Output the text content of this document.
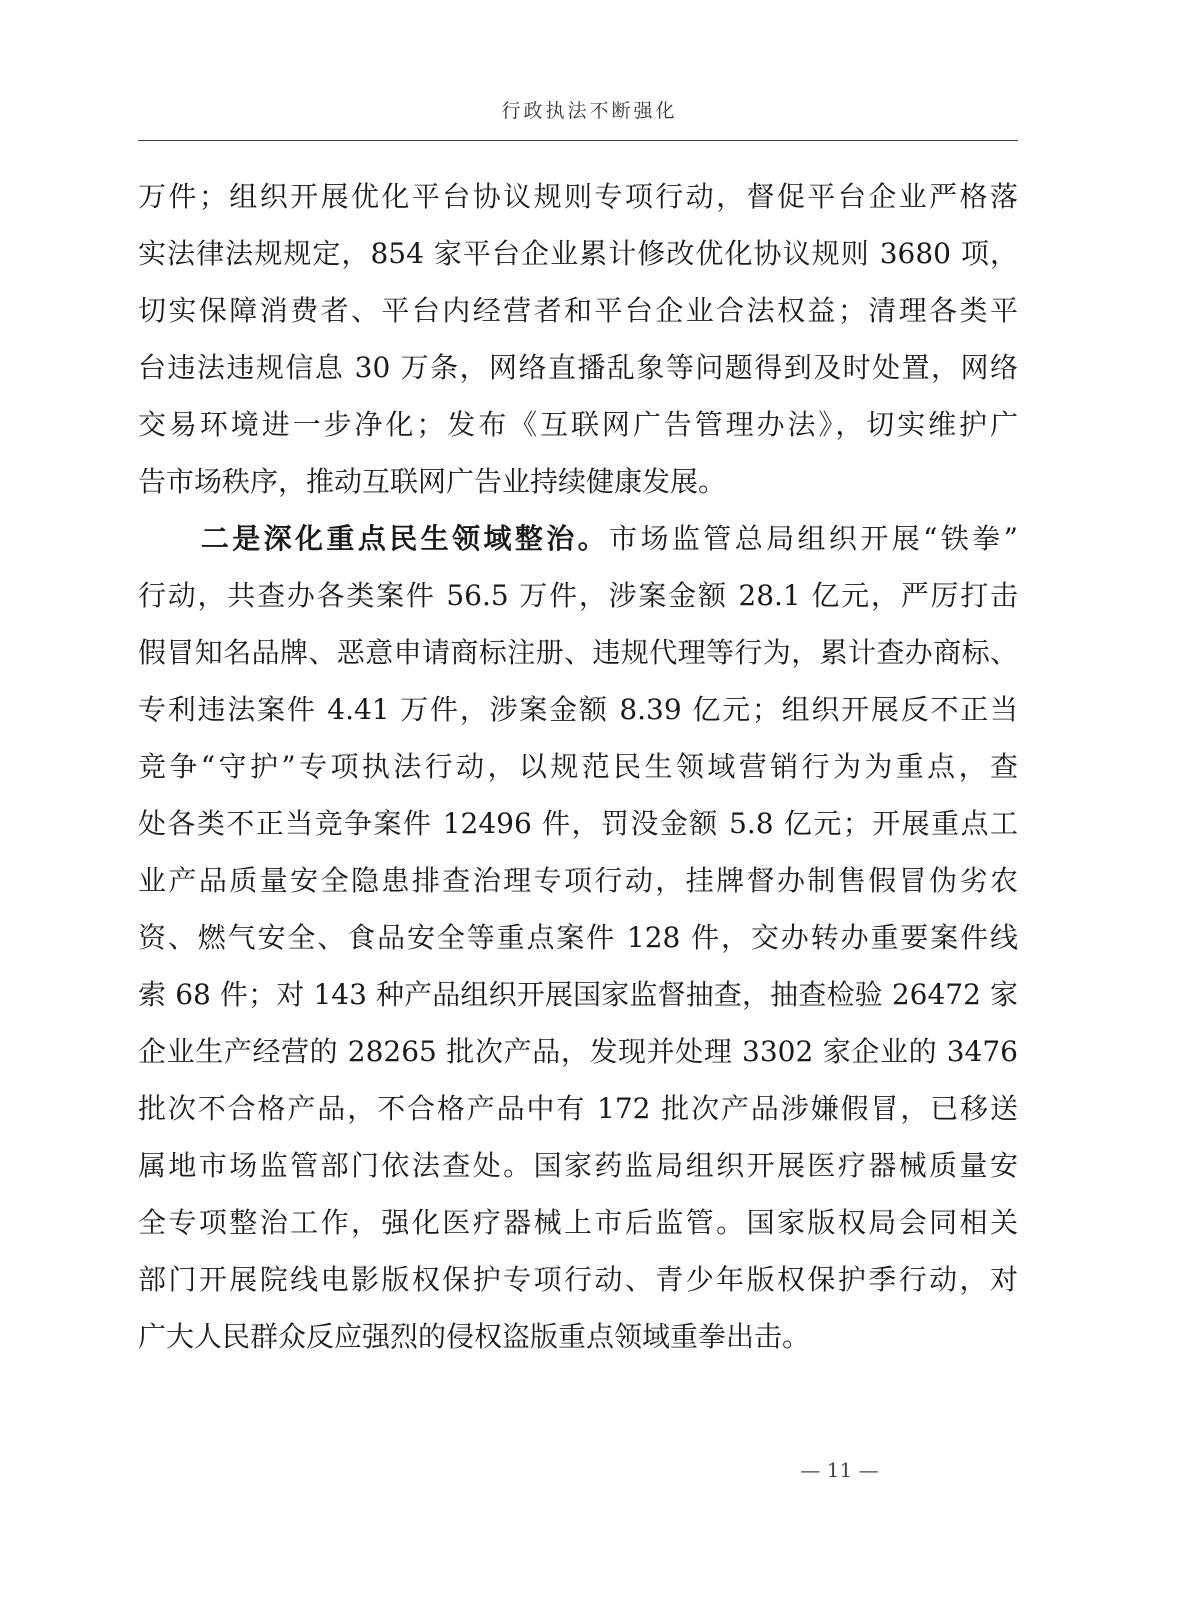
行政执法不断强化
万件；组织开展优化平台协议规则专项行动，督促平台企业严格落
实法律法规规定，854 家平台企业累计修改优化协议规则 3680 项，
切实保障消费者、平台内经营者和平台企业合法权益；清理各类平
台违法违规信息 30 万条，网络直播乱象等问题得到及时处置，网络
交易环境进一步净化；发布《互联网广告管理办法》，切实维护广
告市场秩序，推动互联网广告业持续健康发展。
　　二是深化重点民生领域整治。市场监管总局组织开展“铁拳”
行动，共查办各类案件 56.5 万件，涉案金额 28.1 亿元，严厉打击
假冒知名品牌、恶意申请商标注册、违规代理等行为，累计查办商标、
专利违法案件 4.41 万件，涉案金额 8.39 亿元；组织开展反不正当
竞争“守护”专项执法行动，以规范民生领域营销行为为重点，查
处各类不正当竞争案件 12496 件，罚没金额 5.8 亿元；开展重点工
业产品质量安全隐患排查治理专项行动，挂牌督办制售假冒伪劣农
资、燃气安全、食品安全等重点案件 128 件，交办转办重要案件线
索 68 件；对 143 种产品组织开展国家监督抽查，抽查检验 26472 家
企业生产经营的 28265 批次产品，发现并处理 3302 家企业的 3476
批次不合格产品，不合格产品中有 172 批次产品涉嫌假冒，已移送
属地市场监管部门依法查处。国家药监局组织开展医疗器械质量安
全专项整治工作，强化医疗器械上市后监管。国家版权局会同相关
部门开展院线电影版权保护专项行动、青少年版权保护季行动，对
广大人民群众反应强烈的侵权盗版重点领域重拳出击。
— 11 —
